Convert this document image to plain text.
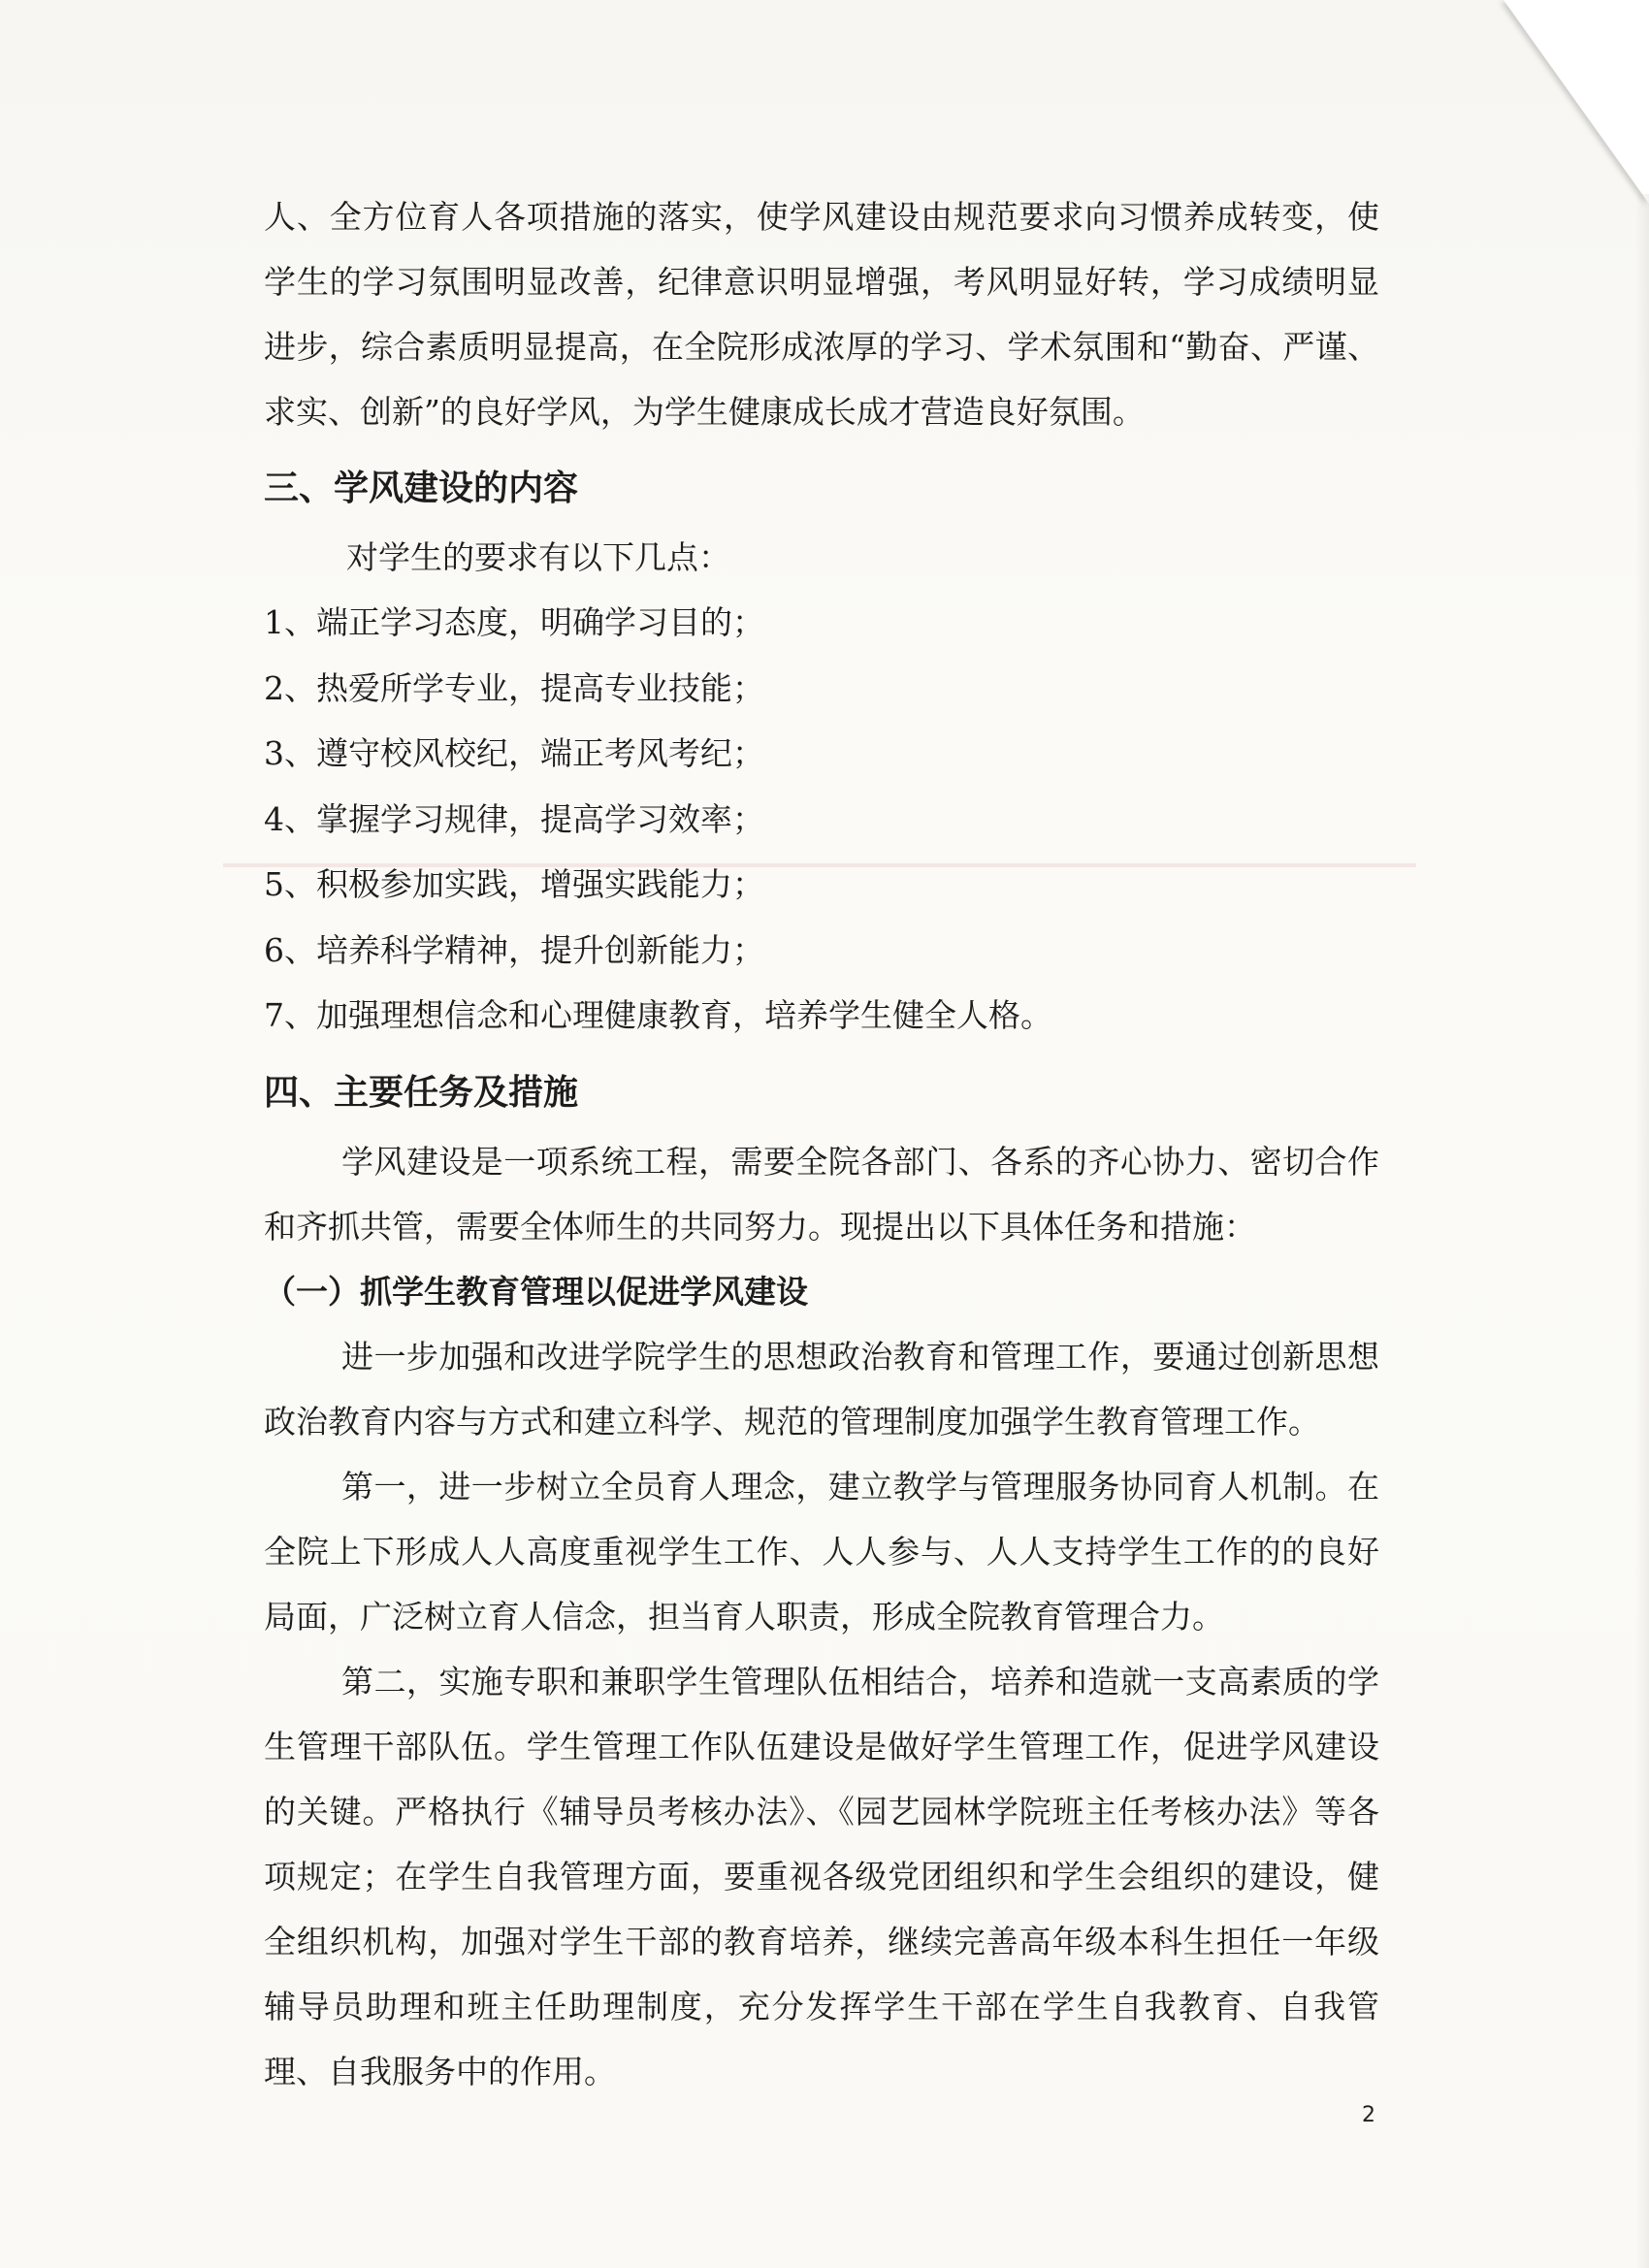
人、全方位育人各项措施的落实，使学风建设由规范要求向习惯养成转变，使学生的学习氛围明显改善，纪律意识明显增强，考风明显好转，学习成绩明显进步，综合素质明显提高，在全院形成浓厚的学习、学术氛围和“勤奋、严谨、求实、创新”的良好学风，为学生健康成长成才营造良好氛围。

三、学风建设的内容

对学生的要求有以下几点：

1、端正学习态度，明确学习目的；

2、热爱所学专业，提高专业技能；

3、遵守校风校纪，端正考风考纪；

4、掌握学习规律，提高学习效率；

5、积极参加实践，增强实践能力；

6、培养科学精神，提升创新能力；

7、加强理想信念和心理健康教育，培养学生健全人格。

四、主要任务及措施

学风建设是一项系统工程，需要全院各部门、各系的齐心协力、密切合作和齐抓共管，需要全体师生的共同努力。现提出以下具体任务和措施：

（一）抓学生教育管理以促进学风建设

进一步加强和改进学院学生的思想政治教育和管理工作，要通过创新思想政治教育内容与方式和建立科学、规范的管理制度加强学生教育管理工作。

第一，进一步树立全员育人理念，建立教学与管理服务协同育人机制。在全院上下形成人人高度重视学生工作、人人参与、人人支持学生工作的的良好局面，广泛树立育人信念，担当育人职责，形成全院教育管理合力。

第二，实施专职和兼职学生管理队伍相结合，培养和造就一支高素质的学生管理干部队伍。学生管理工作队伍建设是做好学生管理工作，促进学风建设的关键。严格执行《辅导员考核办法》、《园艺园林学院班主任考核办法》等各项规定；在学生自我管理方面，要重视各级党团组织和学生会组织的建设，健全组织机构，加强对学生干部的教育培养，继续完善高年级本科生担任一年级辅导员助理和班主任助理制度，充分发挥学生干部在学生自我教育、自我管理、自我服务中的作用。

2
